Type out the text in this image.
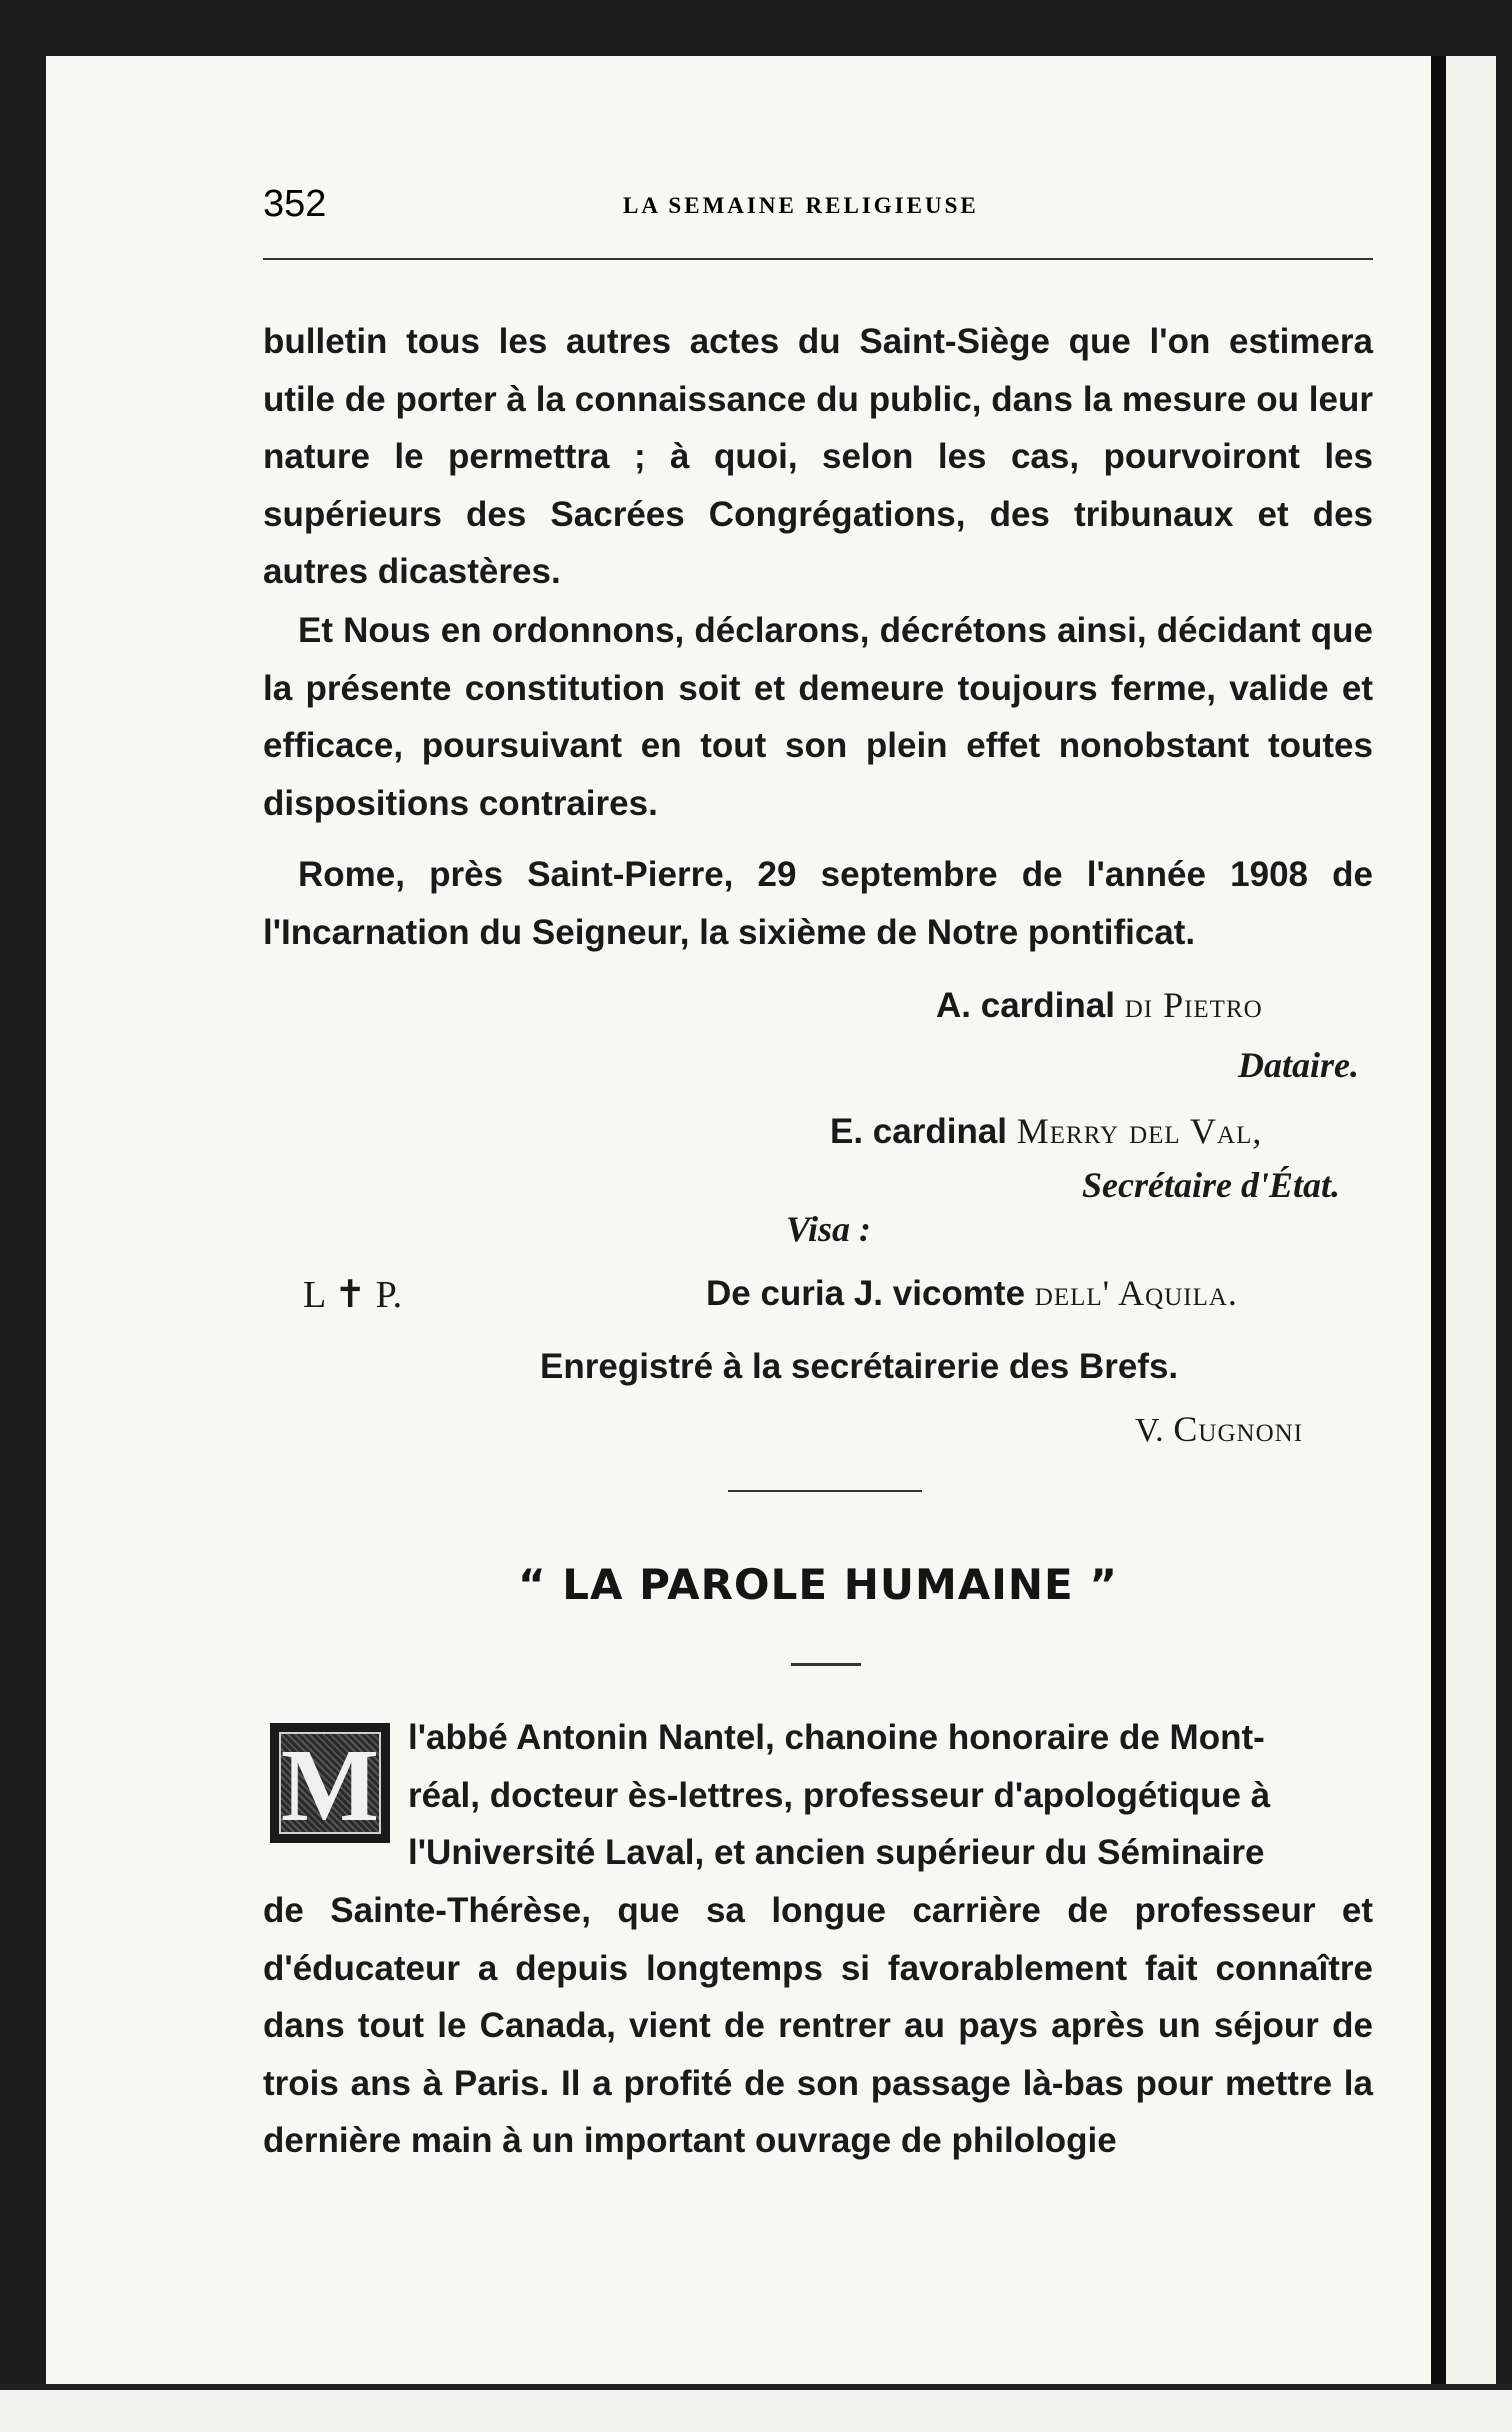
352	LA SEMAINE RELIGIEUSE

bulletin tous les autres actes du Saint-Siège que l'on estimera utile de porter à la connaissance du public, dans la mesure ou leur nature le permettra ; à quoi, selon les cas, pourvoiront les supérieurs des Sacrées Congrégations, des tribunaux et des autres dicastères.

Et Nous en ordonnons, déclarons, décrétons ainsi, décidant que la présente constitution soit et demeure toujours ferme, valide et efficace, poursuivant en tout son plein effet nonobstant toutes dispositions contraires.

Rome, près Saint-Pierre, 29 septembre de l'année 1908 de l'Incarnation du Seigneur, la sixième de Notre pontificat.

A. cardinal di Pietro
Dataire.
E. cardinal Merry del Val,
Secrétaire d'État.
Visa :
L ✝ P.	De curia J. vicomte dell' Aquila.
Enregistré à la secrétairerie des Brefs.
V. Cugnoni
“ LA PAROLE HUMAINE ”
M l'abbé Antonin Nantel, chanoine honoraire de Mont-
réal, docteur ès-lettres, professeur d'apologétique à
l'Université Laval, et ancien supérieur du Séminaire
de Sainte-Thérèse, que sa longue carrière de professeur et d'éducateur a depuis longtemps si favorablement fait connaître dans tout le Canada, vient de rentrer au pays après un séjour de trois ans à Paris. Il a profité de son passage là-bas pour mettre la dernière main à un important ouvrage de philologie
